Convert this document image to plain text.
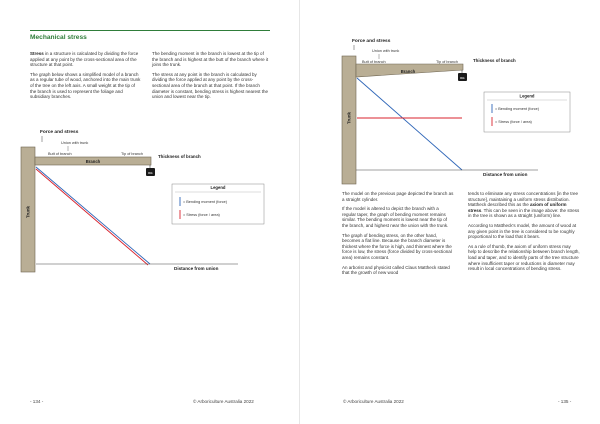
Mechanical stress

Stress in a structure is calculated by dividing the force applied at any point by the cross-sectional area of the structure at that point.

The graph below shows a simplified model of a branch as a regular tube of wood, anchored into the main trunk of the tree on the left axis. A small weight at the tip of the branch is used to represent the foliage and subsidiary branches.

The bending moment in the branch is lowest at the tip of the branch and is highest at the butt of the branch where it joins the trunk.

The stress at any point in the branch is calculated by dividing the force applied at any point by the cross-sectional area of the branch at that point. If the branch diameter is constant, bending stress is highest nearest the union and lowest near the tip.

Force and stress
Union with trunk
Butt of branch	Tip of branch
Branch
Trunk
KG
Thickness of branch
Distance from union
Legend
= Bending moment (force)
= Stress (force / area)
- 134 -	© Arboriculture Australia 2022
Force and stress
Union with trunk
Butt of branch	Tip of branch
Branch
Trunk
KG
Thickness of branch
Distance from union
Legend
= Bending moment (force)
= Stress (force / area)

The model on the previous page depicted the branch as a straight cylinder.

If the model is altered to depict the branch with a regular taper, the graph of bending moment remains similar. The bending moment is lowest near the tip of the branch, and highest near the union with the trunk.

The graph of bending stress, on the other hand, becomes a flat line. Because the branch diameter is thickest where the force is high, and thinnest where the force is low, the stress (force divided by cross-sectional area) remains constant.

An arborist and physicist called Claus Mattheck stated that the growth of new wood

tends to eliminate any stress concentrations [in the tree structure], maintaining a uniform stress distribution. Mattheck described this as the axiom of uniform stress. This can be seen in the image above: the stress in the tree is shown as a straight (uniform) line.

According to Mattheck's model, the amount of wood at any given point in the tree is considered to be roughly proportional to the load that it bears.

As a rule of thumb, the axiom of uniform stress may help to describe the relationship between branch length, load and taper, and to identify parts of the tree structure where insufficient taper or reductions in diameter may result in local concentrations of bending stress.

© Arboriculture Australia 2022	- 135 -
